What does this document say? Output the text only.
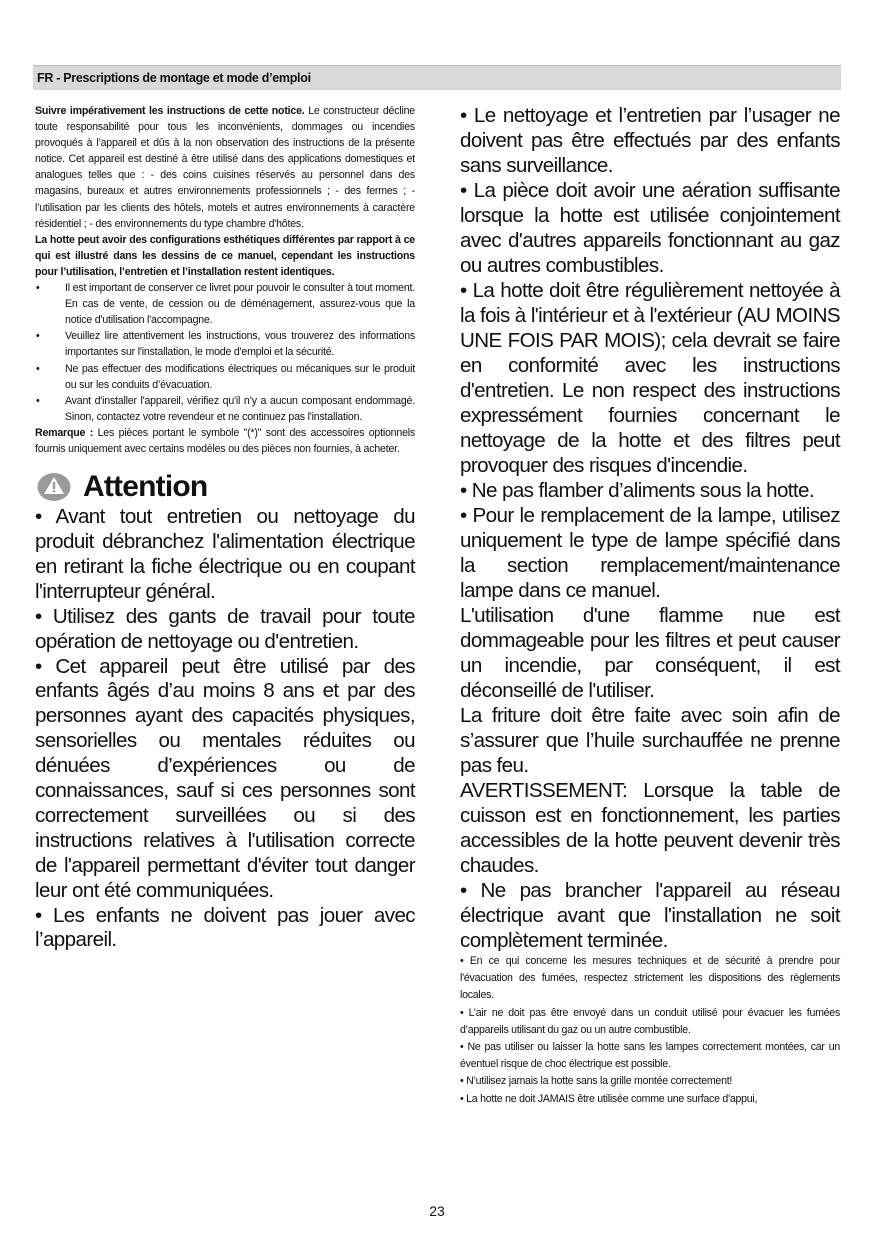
FR - Prescriptions de montage et mode d’emploi

Suivre impérativement les instructions de cette notice. Le constructeur décline toute responsabilité pour tous les inconvénients, dommages ou incendies provoqués à l’appareil et dûs à la non observation des instructions de la présente notice. Cet appareil est destiné à être utilisé dans des applications domestiques et analogues telles que : - des coins cuisines réservés au personnel dans des magasins, bureaux et autres environnements professionnels ; - des fermes ; - l’utilisation par les clients des hôtels, motels et autres environnements à caractère résidentiel ; - des environnements du type chambre d'hôtes.

La hotte peut avoir des configurations esthétiques différentes par rapport à ce qui est illustré dans les dessins de ce manuel, cependant les instructions pour l’utilisation, l’entretien et l’installation restent identiques.

• Il est important de conserver ce livret pour pouvoir le consulter à tout moment. En cas de vente, de cession ou de déménagement, assurez-vous que la notice d'utilisation l'accompagne.
• Veuillez lire attentivement les instructions, vous trouverez des informations importantes sur l'installation, le mode d'emploi et la sécurité.
• Ne pas effectuer des modifications électriques ou mécaniques sur le produit ou sur les conduits d’évacuation.
• Avant d'installer l'appareil, vérifiez qu'il n’y a aucun composant endommagé. Sinon, contactez votre revendeur et ne continuez pas l'installation.

Remarque : Les pièces portant le symbole "(*)" sont des accessoires optionnels fournis uniquement avec certains modèles ou des pièces non fournies, à acheter.

Attention

• Avant tout entretien ou nettoyage du produit débranchez l'alimentation électrique en retirant la fiche électrique ou en coupant l'interrupteur général.

• Utilisez des gants de travail pour toute opération de nettoyage ou d'entretien.

• Cet appareil peut être utilisé par des enfants âgés d’au moins 8 ans et par des personnes ayant des capacités physiques, sensorielles ou mentales réduites ou dénuées d’expériences ou de connaissances, sauf si ces personnes sont correctement surveillées ou si des instructions relatives à l'utilisation correcte de l'appareil permettant d'éviter tout danger leur ont été communiquées.

• Les enfants ne doivent pas jouer avec l’appareil.

• Le nettoyage et l’entretien par l’usager ne doivent pas être effectués par des enfants sans surveillance.

• La pièce doit avoir une aération suffisante lorsque la hotte est utilisée conjointement avec d'autres appareils fonctionnant au gaz ou autres combustibles.

• La hotte doit être régulièrement nettoyée à la fois à l'intérieur et à l'extérieur (AU MOINS UNE FOIS PAR MOIS); cela devrait se faire en conformité avec les instructions d'entretien. Le non respect des instructions expressément fournies concernant le nettoyage de la hotte et des filtres peut provoquer des risques d'incendie.

• Ne pas flamber d’aliments sous la hotte.

• Pour le remplacement de la lampe, utilisez uniquement le type de lampe spécifié dans la section remplacement/maintenance lampe dans ce manuel.

L'utilisation d'une flamme nue est dommageable pour les filtres et peut causer un incendie, par conséquent, il est déconseillé de l'utiliser.

La friture doit être faite avec soin afin de s’assurer que l’huile surchauffée ne prenne pas feu.

AVERTISSEMENT: Lorsque la table de cuisson est en fonctionnement, les parties accessibles de la hotte peuvent devenir très chaudes.

• Ne pas brancher l'appareil au réseau électrique avant que l'installation ne soit complètement terminée.

• En ce qui concerne les mesures techniques et de sécurité à prendre pour l'évacuation des fumées, respectez strictement les dispositions des règlements locales.

• L’air ne doit pas être envoyé dans un conduit utilisé pour évacuer les fumées d’appareils utilisant du gaz ou un autre combustible.

• Ne pas utiliser ou laisser la hotte sans les lampes correctement montées, car un éventuel risque de choc électrique est possible.

• N’utilisez jamais la hotte sans la grille montée correctement!

• La hotte ne doit JAMAIS être utilisée comme une surface d'appui,

23
